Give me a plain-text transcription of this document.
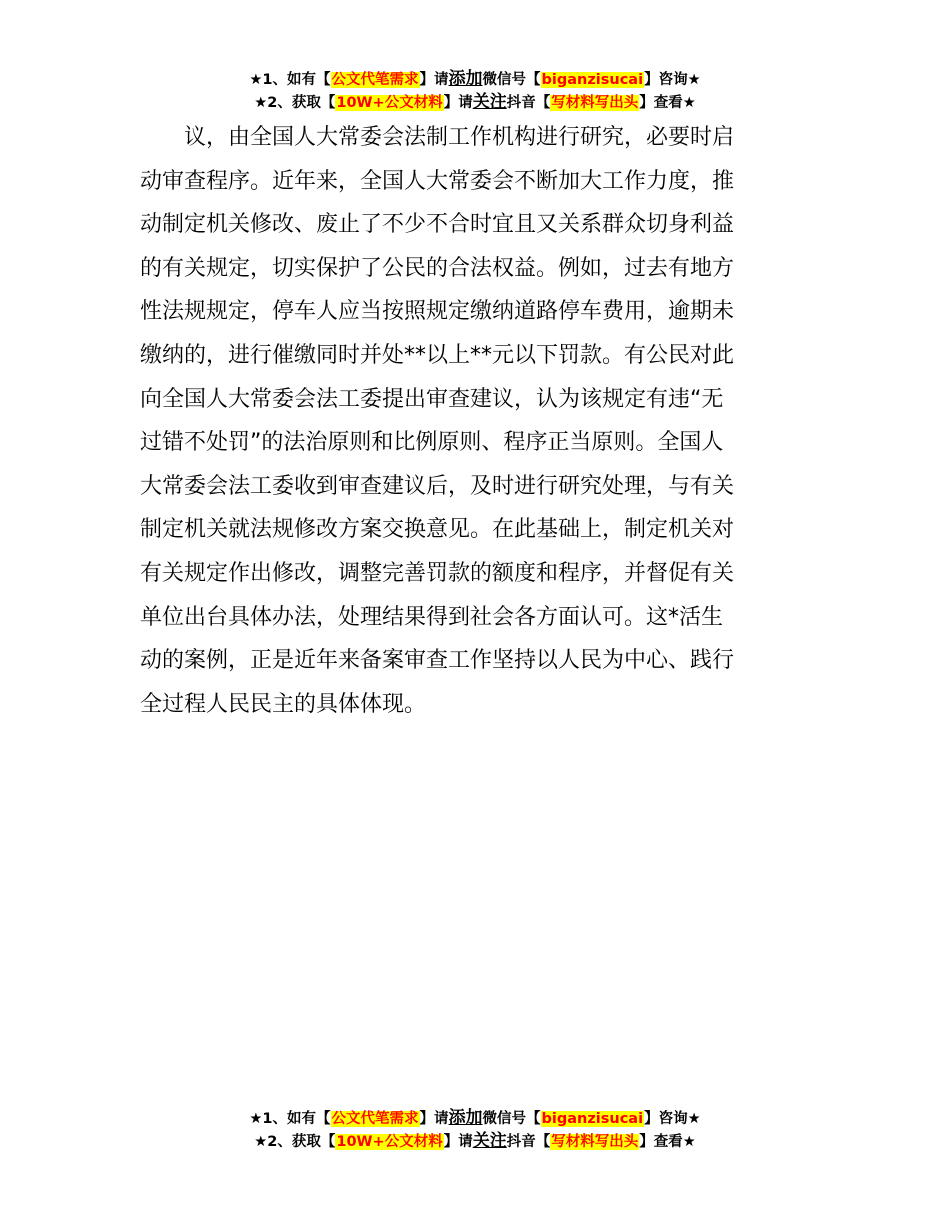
★1、如有【公文代笔需求】请添加微信号【biganzisucai】咨询★
★2、获取【10W+公文材料】请关注抖音【写材料写出头】查看★

议，由全国人大常委会法制工作机构进行研究，必要时启
动审查程序。近年来，全国人大常委会不断加大工作力度，推
动制定机关修改、废止了不少不合时宜且又关系群众切身利益
的有关规定，切实保护了公民的合法权益。例如，过去有地方
性法规规定，停车人应当按照规定缴纳道路停车费用，逾期未
缴纳的，进行催缴同时并处**以上**元以下罚款。有公民对此
向全国人大常委会法工委提出审查建议，认为该规定有违“无
过错不处罚”的法治原则和比例原则、程序正当原则。全国人
大常委会法工委收到审查建议后，及时进行研究处理，与有关
制定机关就法规修改方案交换意见。在此基础上，制定机关对
有关规定作出修改，调整完善罚款的额度和程序，并督促有关
单位出台具体办法，处理结果得到社会各方面认可。这*活生
动的案例，正是近年来备案审查工作坚持以人民为中心、践行
全过程人民民主的具体体现。

★1、如有【公文代笔需求】请添加微信号【biganzisucai】咨询★
★2、获取【10W+公文材料】请关注抖音【写材料写出头】查看★
